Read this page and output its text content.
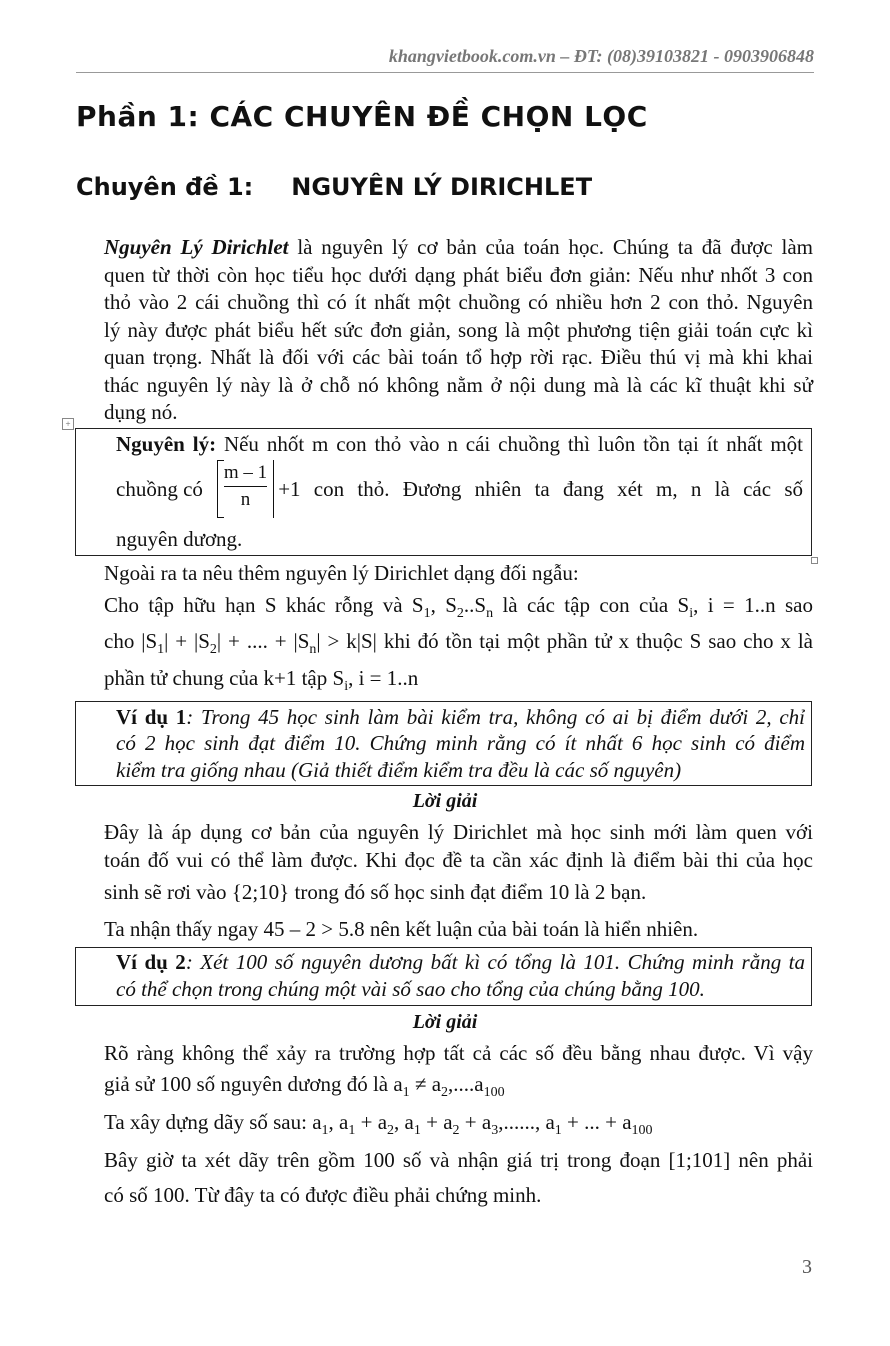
khangvietbook.com.vn – ĐT: (08)39103821 - 0903906848
Phần 1: CÁC CHUYÊN ĐỀ CHỌN LỌC
Chuyên đề 1: NGUYÊN LÝ DIRICHLET
Nguyên Lý Dirichlet là nguyên lý cơ bản của toán học. Chúng ta đã được làm
quen từ thời còn học tiểu học dưới dạng phát biểu đơn giản: Nếu như nhốt 3 con
thỏ vào 2 cái chuồng thì có ít nhất một chuồng có nhiều hơn 2 con thỏ. Nguyên
lý này được phát biểu hết sức đơn giản, song là một phương tiện giải toán cực kì
quan trọng. Nhất là đối với các bài toán tổ hợp rời rạc. Điều thú vị mà khi khai
thác nguyên lý này là ở chỗ nó không nằm ở nội dung mà là các kĩ thuật khi sử
dụng nó.
+
Nguyên lý: Nếu nhốt m con thỏ vào n cái chuồng thì luôn tồn tại ít nhất một
chuồng có $\frac{m - 1}{n} +1$ con thỏ. Đương nhiên ta đang xét m, n là các số
nguyên dương.
Ngoài ra ta nêu thêm nguyên lý Dirichlet dạng đối ngẫu:
Cho tập hữu hạn S khác rỗng và $S_1$, $S_2..S_n$ là các tập con của $S_i$, i = 1..n sao
cho $|S_1| + |S_2|$ + .... + $|S_n| > k|S|$ khi đó tồn tại một phần tử x thuộc S sao cho x là
phần tử chung của k+1 tập $S_i$, i = 1..n
Ví dụ 1: Trong 45 học sinh làm bài kiểm tra, không có ai bị điểm dưới 2, chỉ
có 2 học sinh đạt điểm 10. Chứng minh rằng có ít nhất 6 học sinh có điểm
kiểm tra giống nhau (Giả thiết điểm kiểm tra đều là các số nguyên)
Lời giải
Đây là áp dụng cơ bản của nguyên lý Dirichlet mà học sinh mới làm quen với
toán đố vui có thể làm được. Khi đọc đề ta cần xác định là điểm bài thi của học
sinh sẽ rơi vào {2;10} trong đó số học sinh đạt điểm 10 là 2 bạn.
Ta nhận thấy ngay 45 – 2 > 5.8 nên kết luận của bài toán là hiển nhiên.
Ví dụ 2: Xét 100 số nguyên dương bất kì có tổng là 101. Chứng minh rằng ta
có thể chọn trong chúng một vài số sao cho tổng của chúng bằng 100.
Lời giải
Rõ ràng không thể xảy ra trường hợp tất cả các số đều bằng nhau được. Vì vậy
giả sử 100 số nguyên dương đó là $a_1 \ne a_2,....a_{100}$
Ta xây dựng dãy số sau: $a_1$, $a_1 + a_2$, $a_1 + a_2 + a_3$,......, $a_1$ + ... + $a_{100}$
Bây giờ ta xét dãy trên gồm 100 số và nhận giá trị trong đoạn [1;101] nên phải
có số 100. Từ đây ta có được điều phải chứng minh.
3
